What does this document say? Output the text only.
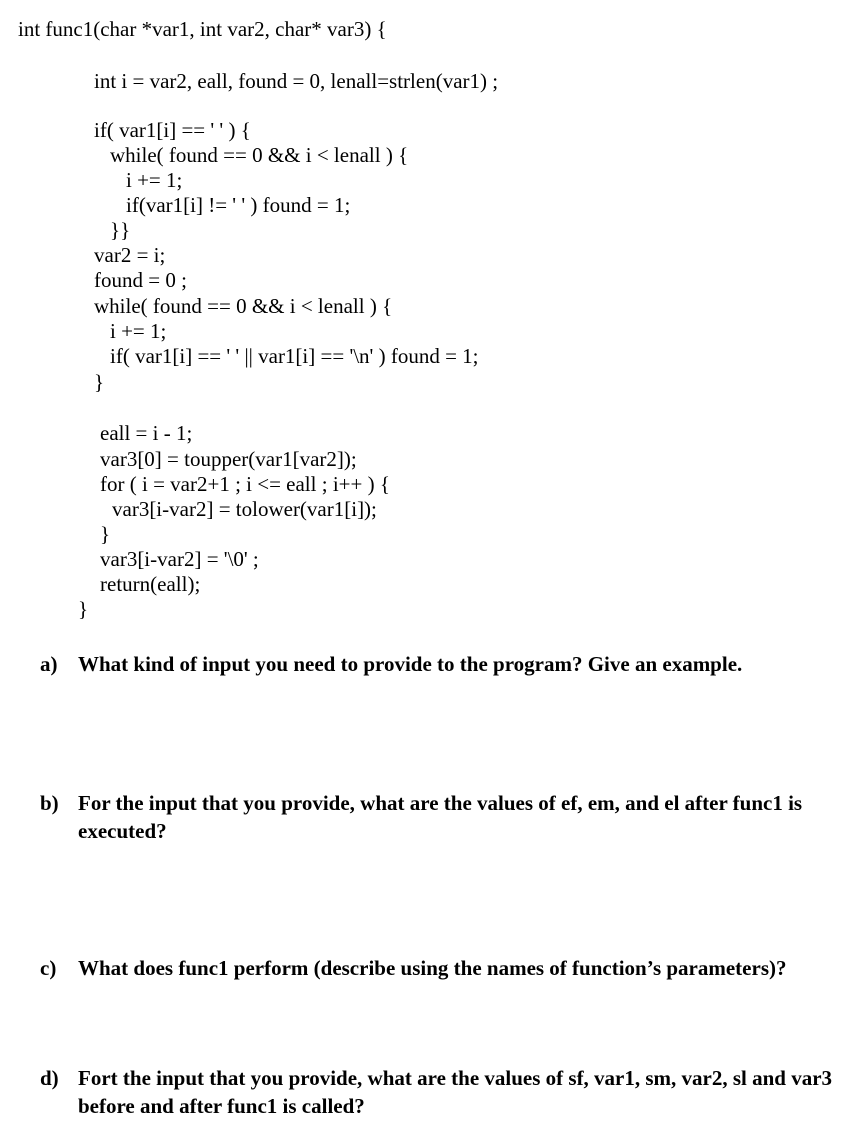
int func1(char *var1, int var2, char* var3) {
int i = var2, eall, found = 0, lenall=strlen(var1) ;
if( var1[i] == ' ' ) {
while( found == 0 && i < lenall ) {
i += 1;
if(var1[i] != ' ' ) found = 1;
}}
var2 = i;
found = 0 ;
while( found == 0 && i < lenall ) {
i += 1;
if( var1[i] == ' ' || var1[i] == '\n' ) found = 1;
}
eall = i - 1;
var3[0] = toupper(var1[var2]);
for ( i = var2+1 ; i <= eall ; i++ ) {
var3[i-var2] = tolower(var1[i]);
}
var3[i-var2] = '\0' ;
return(eall);
}
a) What kind of input you need to provide to the program? Give an example.
b) For the input that you provide, what are the values of ef, em, and el after func1 is executed?
c) What does func1 perform (describe using the names of function’s parameters)?
d) Fort the input that you provide, what are the values of sf, var1, sm, var2, sl and var3 before and after func1 is called?
